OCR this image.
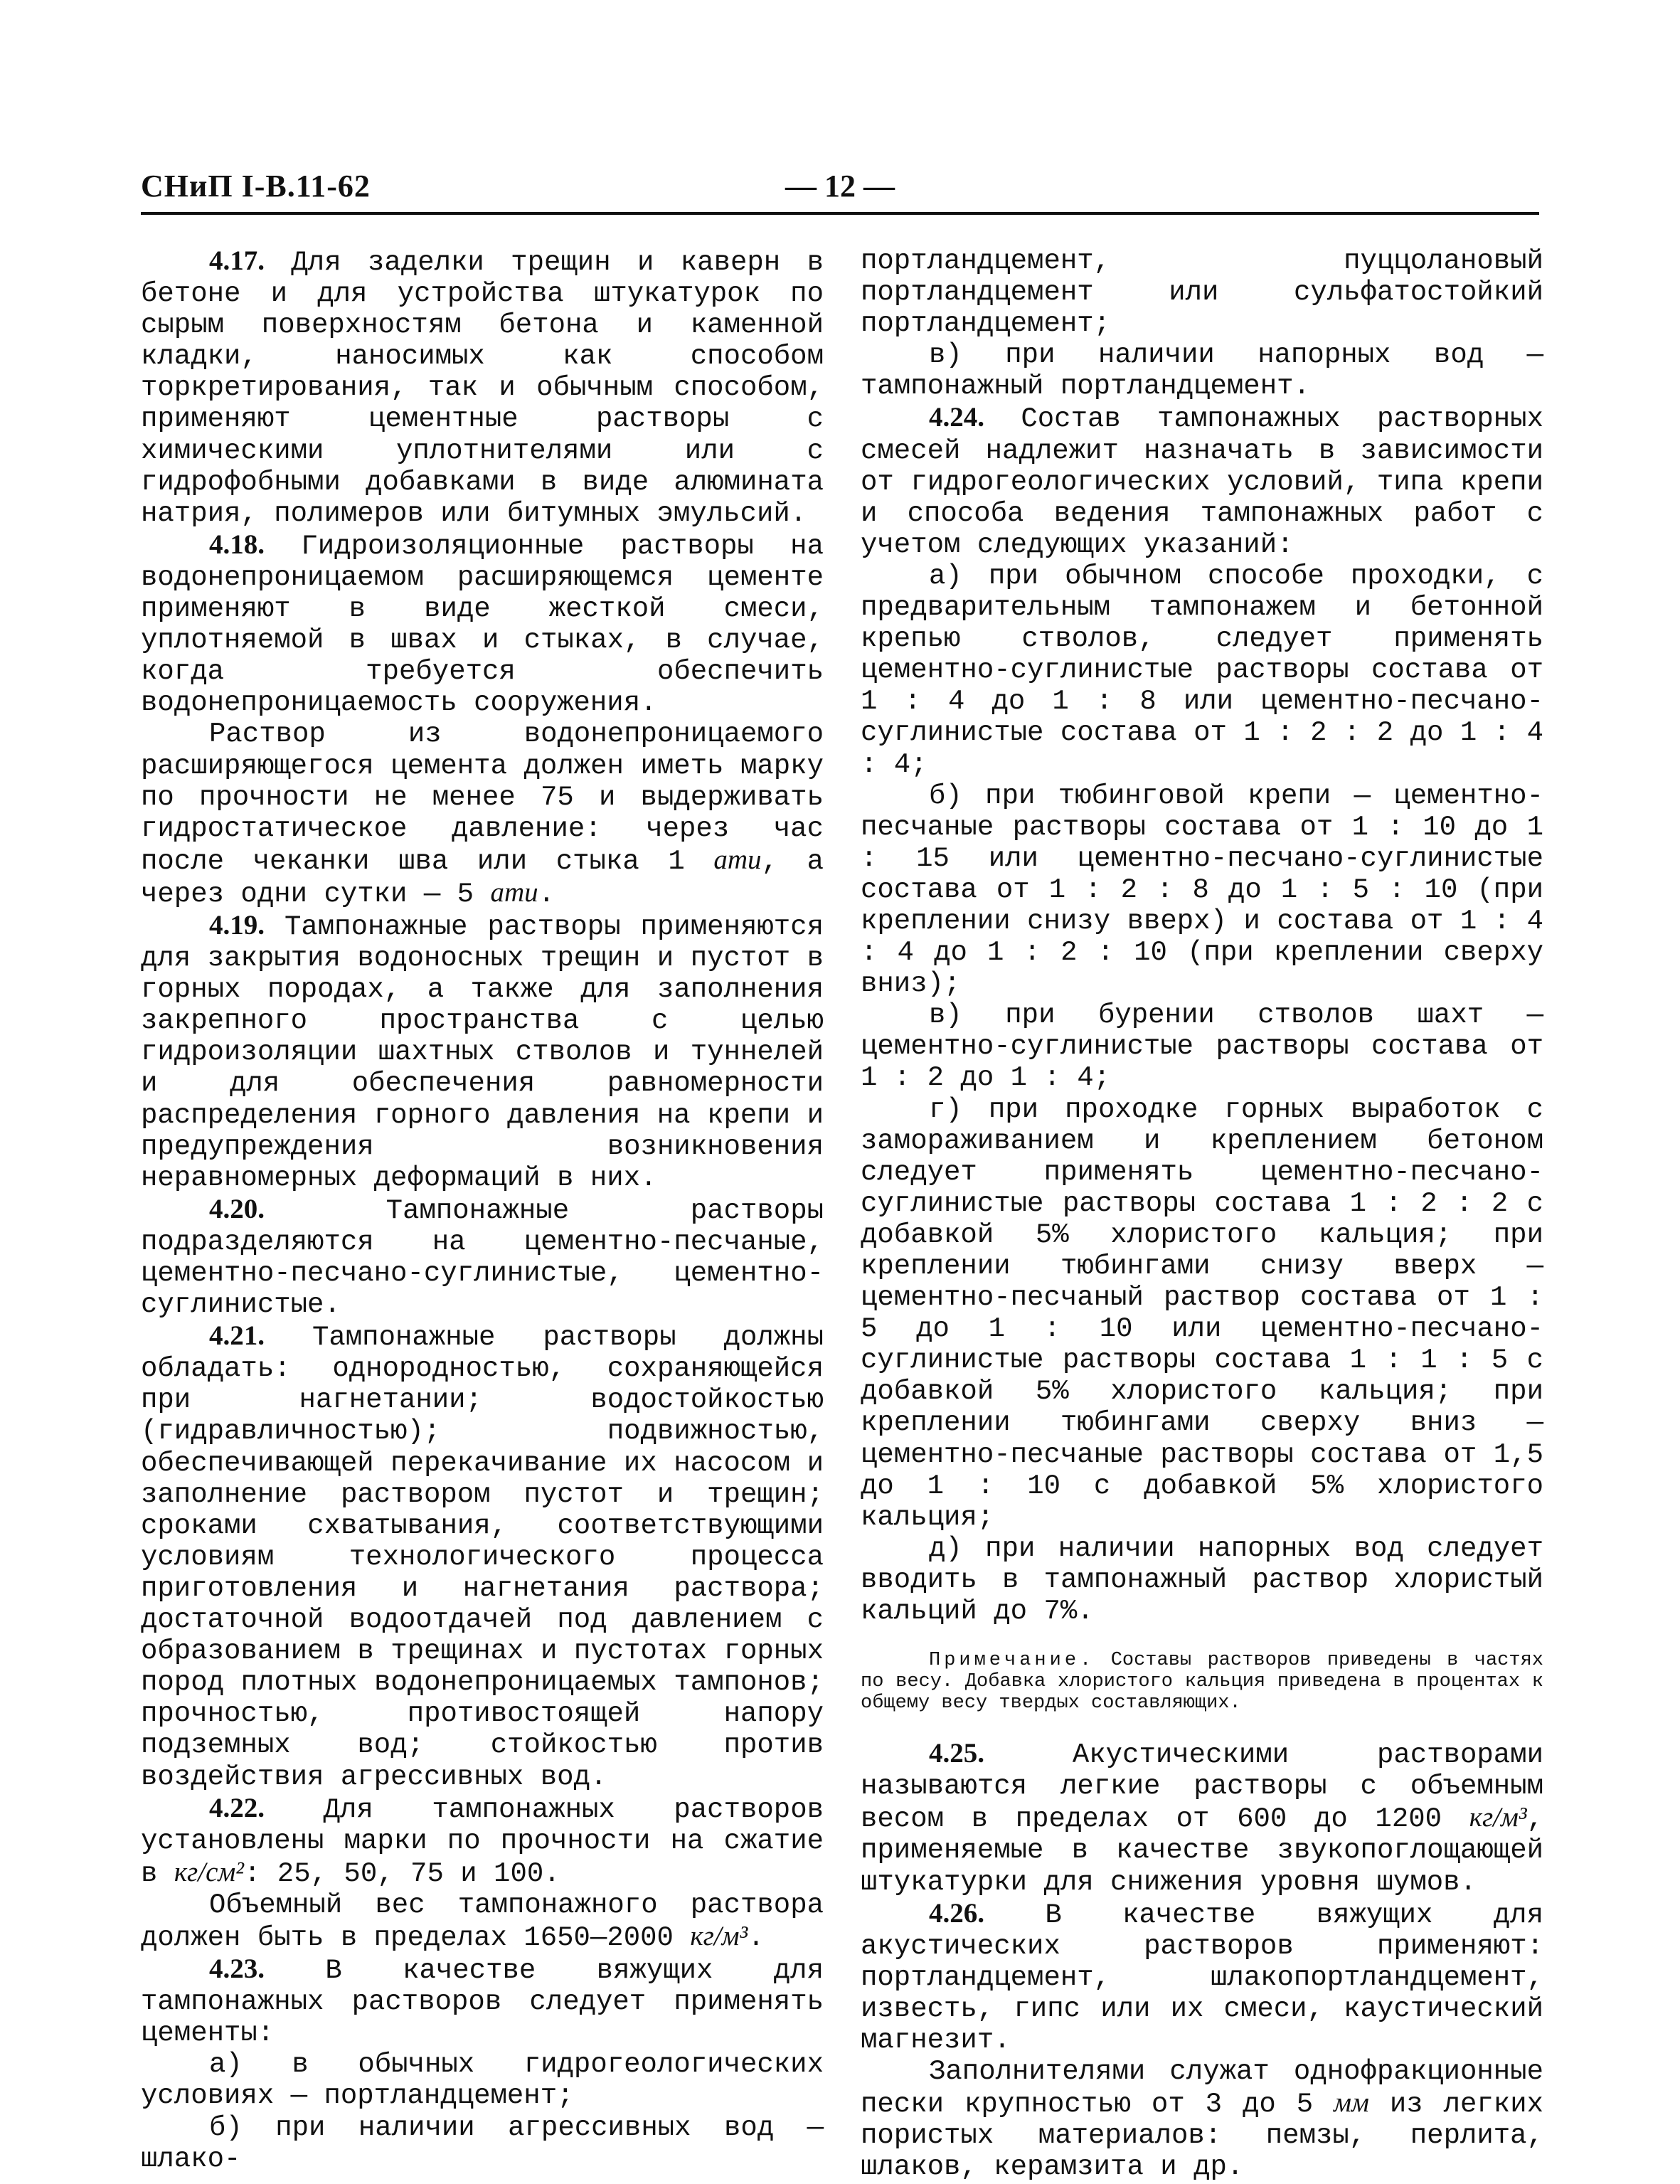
СНиП I-В.11-62	— 12 —

4.17. Для заделки трещин и каверн в бетоне и для устройства штукатурок по сырым поверхностям бетона и каменной кладки, наносимых как способом торкретирования, так и обычным способом, применяют цементные растворы с химическими уплотнителями или с гидрофобными добавками в виде алюмината натрия, полимеров или битумных эмульсий.

4.18. Гидроизоляционные растворы на водонепроницаемом расширяющемся цементе применяют в виде жесткой смеси, уплотняемой в швах и стыках, в случае, когда требуется обеспечить водонепроницаемость сооружения.

Раствор из водонепроницаемого расширяющегося цемента должен иметь марку по прочности не менее 75 и выдерживать гидростатическое давление: через час после чеканки шва или стыка 1 ати, а через одни сутки — 5 ати.

4.19. Тампонажные растворы применяются для закрытия водоносных трещин и пустот в горных породах, а также для заполнения закрепного пространства с целью гидроизоляции шахтных стволов и туннелей и для обеспечения равномерности распределения горного давления на крепи и предупреждения возникновения неравномерных деформаций в них.

4.20. Тампонажные растворы подразделяются на цементно-песчаные, цементно-песчано-суглинистые, цементно-суглинистые.

4.21. Тампонажные растворы должны обладать: однородностью, сохраняющейся при нагнетании; водостойкостью (гидравличностью); подвижностью, обеспечивающей перекачивание их насосом и заполнение раствором пустот и трещин; сроками схватывания, соответствующими условиям технологического процесса приготовления и нагнетания раствора; достаточной водоотдачей под давлением с образованием в трещинах и пустотах горных пород плотных водонепроницаемых тампонов; прочностью, противостоящей напору подземных вод; стойкостью против воздействия агрессивных вод.

4.22. Для тампонажных растворов установлены марки по прочности на сжатие в кг/см²: 25, 50, 75 и 100.

Объемный вес тампонажного раствора должен быть в пределах 1650—2000 кг/м³.

4.23. В качестве вяжущих для тампонажных растворов следует применять цементы:

а) в обычных гидрогеологических условиях — портландцемент;

б) при наличии агрессивных вод — шлако-

портландцемент, пуццолановый портландцемент или сульфатостойкий портландцемент;

в) при наличии напорных вод — тампонажный портландцемент.

4.24. Состав тампонажных растворных смесей надлежит назначать в зависимости от гидрогеологических условий, типа крепи и способа ведения тампонажных работ с учетом следующих указаний:

а) при обычном способе проходки, с предварительным тампонажем и бетонной крепью стволов, следует применять цементно-суглинистые растворы состава от 1 : 4 до 1 : 8 или цементно-песчано-суглинистые состава от 1 : 2 : 2 до 1 : 4 : 4;

б) при тюбинговой крепи — цементно-песчаные растворы состава от 1 : 10 до 1 : 15 или цементно-песчано-суглинистые состава от 1 : 2 : 8 до 1 : 5 : 10 (при креплении снизу вверх) и состава от 1 : 4 : 4 до 1 : 2 : 10 (при креплении сверху вниз);

в) при бурении стволов шахт — цементно-суглинистые растворы состава от 1 : 2 до 1 : 4;

г) при проходке горных выработок с замораживанием и креплением бетоном следует применять цементно-песчано-суглинистые растворы состава 1 : 2 : 2 с добавкой 5% хлористого кальция; при креплении тюбингами снизу вверх — цементно-песчаный раствор состава от 1 : 5 до 1 : 10 или цементно-песчано-суглинистые растворы состава 1 : 1 : 5 с добавкой 5% хлористого кальция; при креплении тюбингами сверху вниз — цементно-песчаные растворы состава от 1,5 до 1 : 10 с добавкой 5% хлористого кальция;

д) при наличии напорных вод следует вводить в тампонажный раствор хлористый кальций до 7%.

Примечание. Составы растворов приведены в частях по весу. Добавка хлористого кальция приведена в процентах к общему весу твердых составляющих.

4.25. Акустическими растворами называются легкие растворы с объемным весом в пределах от 600 до 1200 кг/м³, применяемые в качестве звукопоглощающей штукатурки для снижения уровня шумов.

4.26. В качестве вяжущих для акустических растворов применяют: портландцемент, шлакопортландцемент, известь, гипс или их смеси, каустический магнезит.

Заполнителями служат однофракционные пески крупностью от 3 до 5 мм из легких пористых материалов: пемзы, перлита, шлаков, керамзита и др.
